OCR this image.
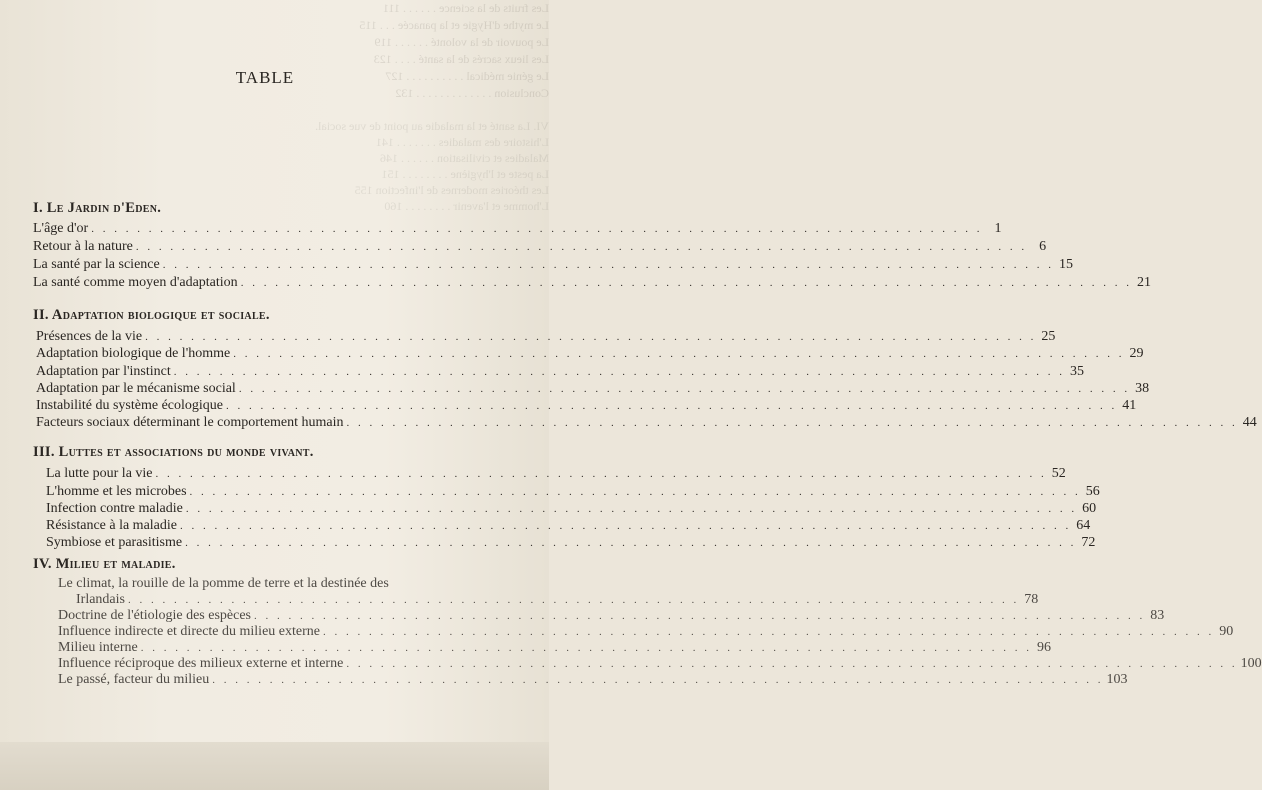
Les fruits de la science . . . . . . 111
Le mythe d'Hygie et la panacée . . . 115
Le pouvoir de la volonté . . . . . . 119
Les lieux sacrés de la santé . . . . 123
Le génie médical . . . . . . . . . . 127
Conclusion . . . . . . . . . . . . . 132
VI. La santé et la maladie au point de vue social.
L'histoire des maladies . . . . . . . 141
Maladies et civilisation . . . . . . 146
La peste et l'hygiène . . . . . . . . 151
Les théories modernes de l'infection 155
L'homme et l'avenir . . . . . . . . 160
TABLE
I. Le Jardin d'Eden.
L'âge d'or . . .	1
Retour à la nature . . .	6
La santé par la science . . .	15
La santé comme moyen d'adaptation . . .	21
II. Adaptation biologique et sociale.
Présences de la vie . . .	25
Adaptation biologique de l'homme . . .	29
Adaptation par l'instinct . . .	35
Adaptation par le mécanisme social . . .	38
Instabilité du système écologique . . .	41
Facteurs sociaux déterminant le comportement humain . . .	44
III. Luttes et associations du monde vivant.
La lutte pour la vie . . .	52
L'homme et les microbes . . .	56
Infection contre maladie . . .	60
Résistance à la maladie . . .	64
Symbiose et parasitisme . . .	72
IV. Milieu et maladie.
Le climat, la rouille de la pomme de terre et la destinée des
Irlandais . . .	78
Doctrine de l'étiologie des espèces . . .	83
Influence indirecte et directe du milieu externe . . .	90
Milieu interne . . .	96
Influence réciproque des milieux externe et interne . . .	100
Le passé, facteur du milieu . . .	103
